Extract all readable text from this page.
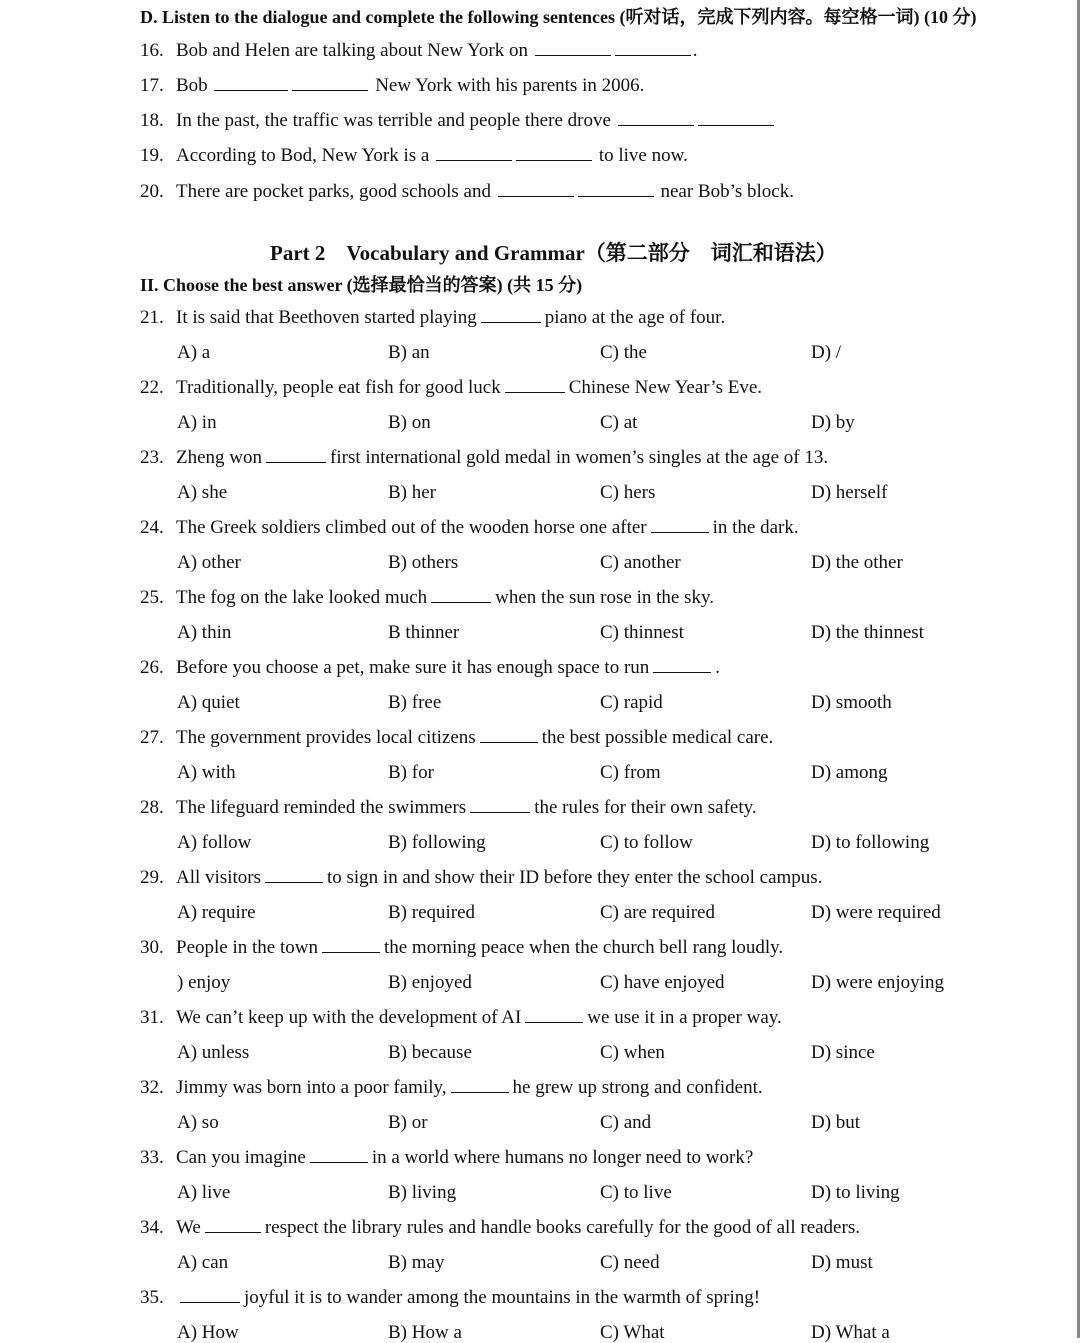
D. Listen to the dialogue and complete the following sentences (听对话，完成下列内容。每空格一词) (10 分)
16. Bob and Helen are talking about New York on	.
17. Bob	New York with his parents in 2006.
18. In the past, the traffic was terrible and people there drove
19. According to Bod, New York is a	to live now.
20. There are pocket parks, good schools and	near Bob’s block.
Part 2　Vocabulary and Grammar（第二部分　词汇和语法）
II. Choose the best answer (选择最恰当的答案) (共 15 分)
21. It is said that Beethoven started playing	piano at the age of four.
A) a	B) an	C) the	D) /
22. Traditionally, people eat fish for good luck	Chinese New Year’s Eve.
A) in	B) on	C) at	D) by
23. Zheng won	first international gold medal in women’s singles at the age of 13.
A) she	B) her	C) hers	D) herself
24. The Greek soldiers climbed out of the wooden horse one after	in the dark.
A) other	B) others	C) another	D) the other
25. The fog on the lake looked much	when the sun rose in the sky.
A) thin	B thinner	C) thinnest	D) the thinnest
26. Before you choose a pet, make sure it has enough space to run	.
A) quiet	B) free	C) rapid	D) smooth
27. The government provides local citizens	the best possible medical care.
A) with	B) for	C) from	D) among
28. The lifeguard reminded the swimmers	the rules for their own safety.
A) follow	B) following	C) to follow	D) to following
29. All visitors	to sign in and show their ID before they enter the school campus.
A) require	B) required	C) are required	D) were required
30. People in the town	the morning peace when the church bell rang loudly.
) enjoy	B) enjoyed	C) have enjoyed	D) were enjoying
31. We can’t keep up with the development of AI	we use it in a proper way.
A) unless	B) because	C) when	D) since
32. Jimmy was born into a poor family,	he grew up strong and confident.
A) so	B) or	C) and	D) but
33. Can you imagine	in a world where humans no longer need to work?
A) live	B) living	C) to live	D) to living
34. We	respect the library rules and handle books carefully for the good of all readers.
A) can	B) may	C) need	D) must
35.	joyful it is to wander among the mountains in the warmth of spring!
A) How	B) How a	C) What	D) What a
